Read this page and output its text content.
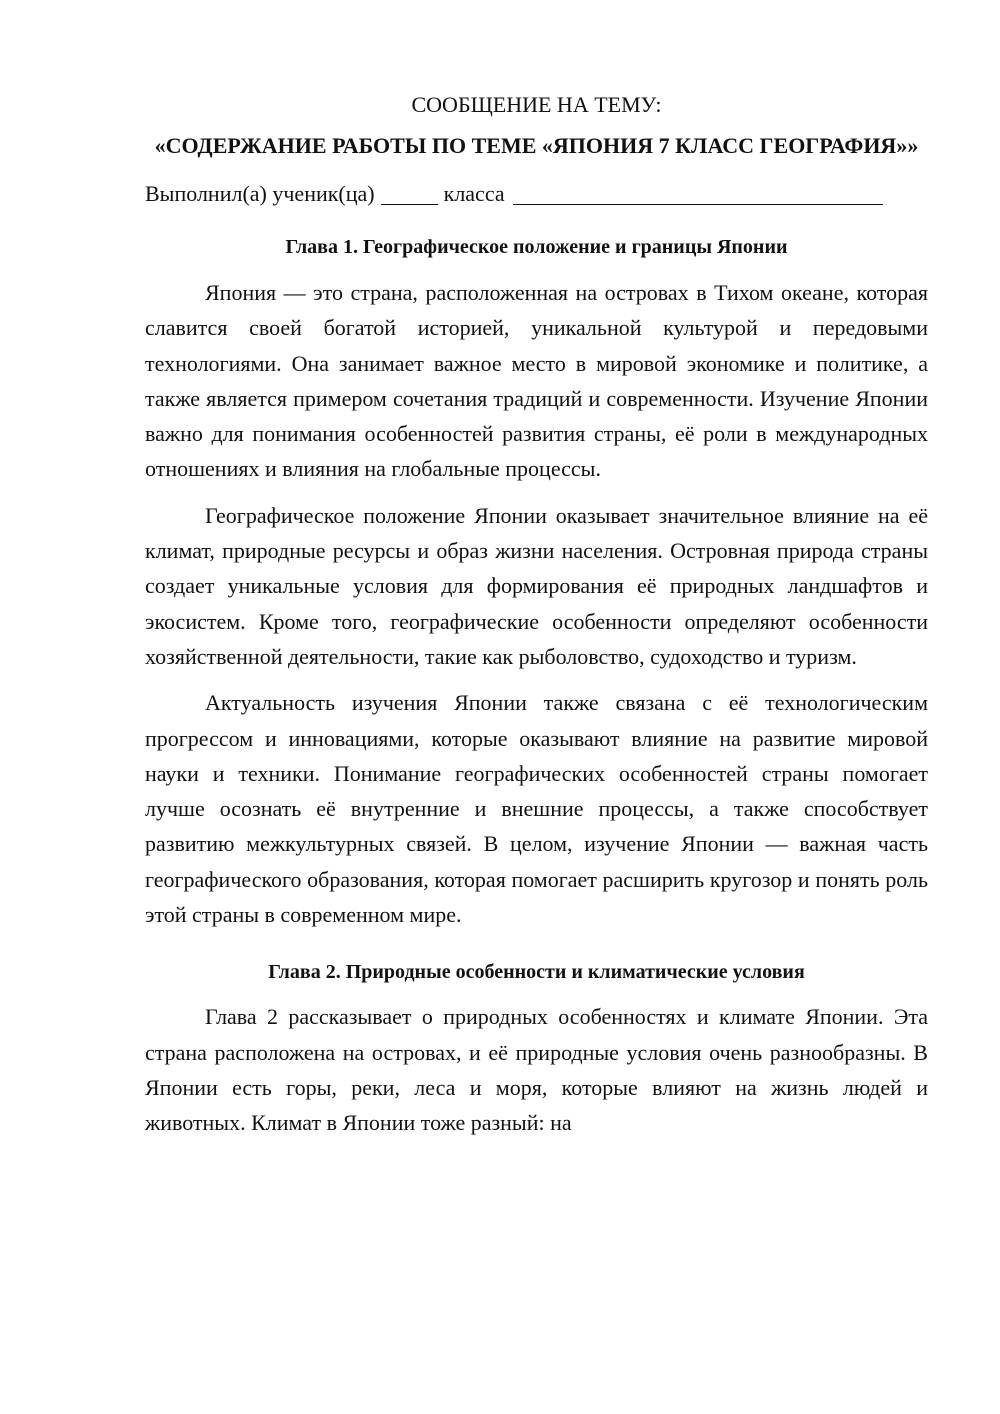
СООБЩЕНИЕ НА ТЕМУ:
«СОДЕРЖАНИЕ РАБОТЫ ПО ТЕМЕ «ЯПОНИЯ 7 КЛАСС ГЕОГРАФИЯ»»

Выполнил(а) ученик(ца)	класса

Глава 1. Географическое положение и границы Японии

Япония — это страна, расположенная на островах в Тихом океане, которая славится своей богатой историей, уникальной культурой и передовыми технологиями. Она занимает важное место в мировой экономике и политике, а также является примером сочетания традиций и современности. Изучение Японии важно для понимания особенностей развития страны, её роли в международных отношениях и влияния на глобальные процессы.

Географическое положение Японии оказывает значительное влияние на её климат, природные ресурсы и образ жизни населения. Островная природа страны создает уникальные условия для формирования её природных ландшафтов и экосистем. Кроме того, географические особенности определяют особенности хозяйственной деятельности, такие как рыболовство, судоходство и туризм.

Актуальность изучения Японии также связана с её технологическим прогрессом и инновациями, которые оказывают влияние на развитие мировой науки и техники. Понимание географических особенностей страны помогает лучше осознать её внутренние и внешние процессы, а также способствует развитию межкультурных связей. В целом, изучение Японии — важная часть географического образования, которая помогает расширить кругозор и понять роль этой страны в современном мире.

Глава 2. Природные особенности и климатические условия

Глава 2 рассказывает о природных особенностях и климате Японии. Эта страна расположена на островах, и её природные условия очень разнообразны. В Японии есть горы, реки, леса и моря, которые влияют на жизнь людей и животных. Климат в Японии тоже разный: на
